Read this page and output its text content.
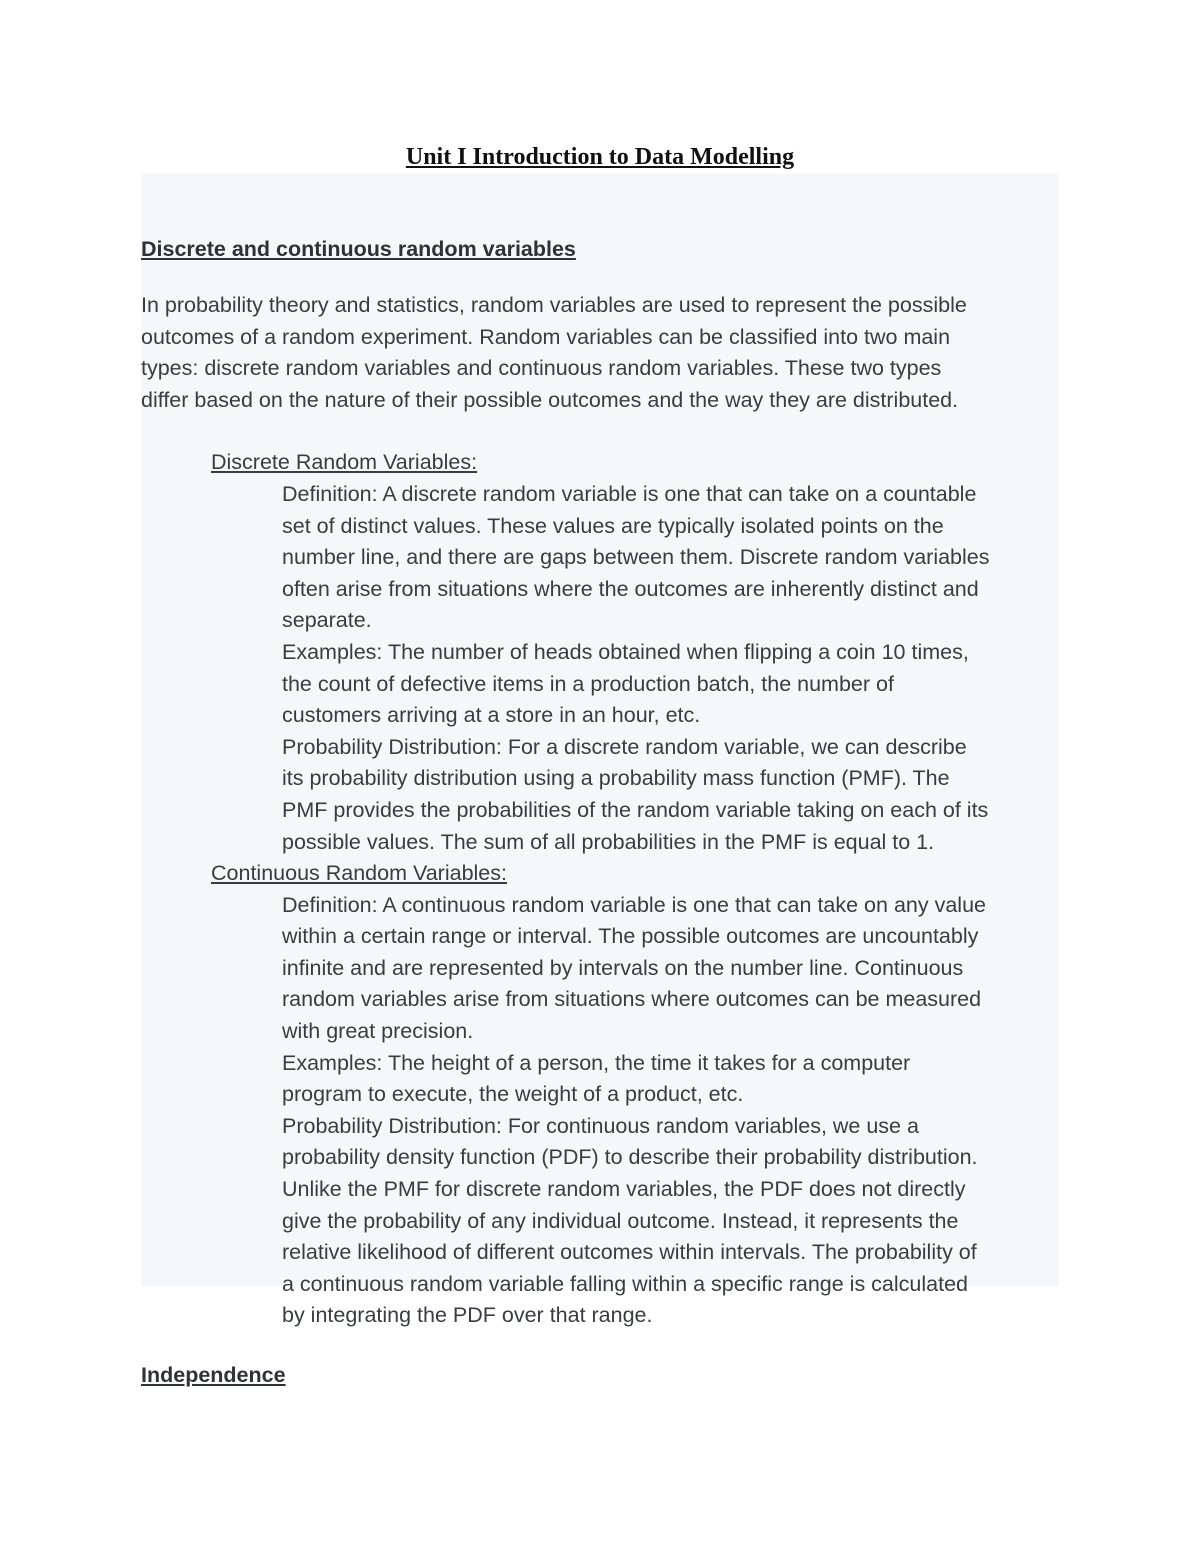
Unit I Introduction to Data Modelling
Discrete and continuous random variables
In probability theory and statistics, random variables are used to represent the possible
outcomes of a random experiment. Random variables can be classified into two main
types: discrete random variables and continuous random variables. These two types
differ based on the nature of their possible outcomes and the way they are distributed.
Discrete Random Variables:
Definition: A discrete random variable is one that can take on a countable
set of distinct values. These values are typically isolated points on the
number line, and there are gaps between them. Discrete random variables
often arise from situations where the outcomes are inherently distinct and
separate.
Examples: The number of heads obtained when flipping a coin 10 times,
the count of defective items in a production batch, the number of
customers arriving at a store in an hour, etc.
Probability Distribution: For a discrete random variable, we can describe
its probability distribution using a probability mass function (PMF). The
PMF provides the probabilities of the random variable taking on each of its
possible values. The sum of all probabilities in the PMF is equal to 1.
Continuous Random Variables:
Definition: A continuous random variable is one that can take on any value
within a certain range or interval. The possible outcomes are uncountably
infinite and are represented by intervals on the number line. Continuous
random variables arise from situations where outcomes can be measured
with great precision.
Examples: The height of a person, the time it takes for a computer
program to execute, the weight of a product, etc.
Probability Distribution: For continuous random variables, we use a
probability density function (PDF) to describe their probability distribution.
Unlike the PMF for discrete random variables, the PDF does not directly
give the probability of any individual outcome. Instead, it represents the
relative likelihood of different outcomes within intervals. The probability of
a continuous random variable falling within a specific range is calculated
by integrating the PDF over that range.
Independence
